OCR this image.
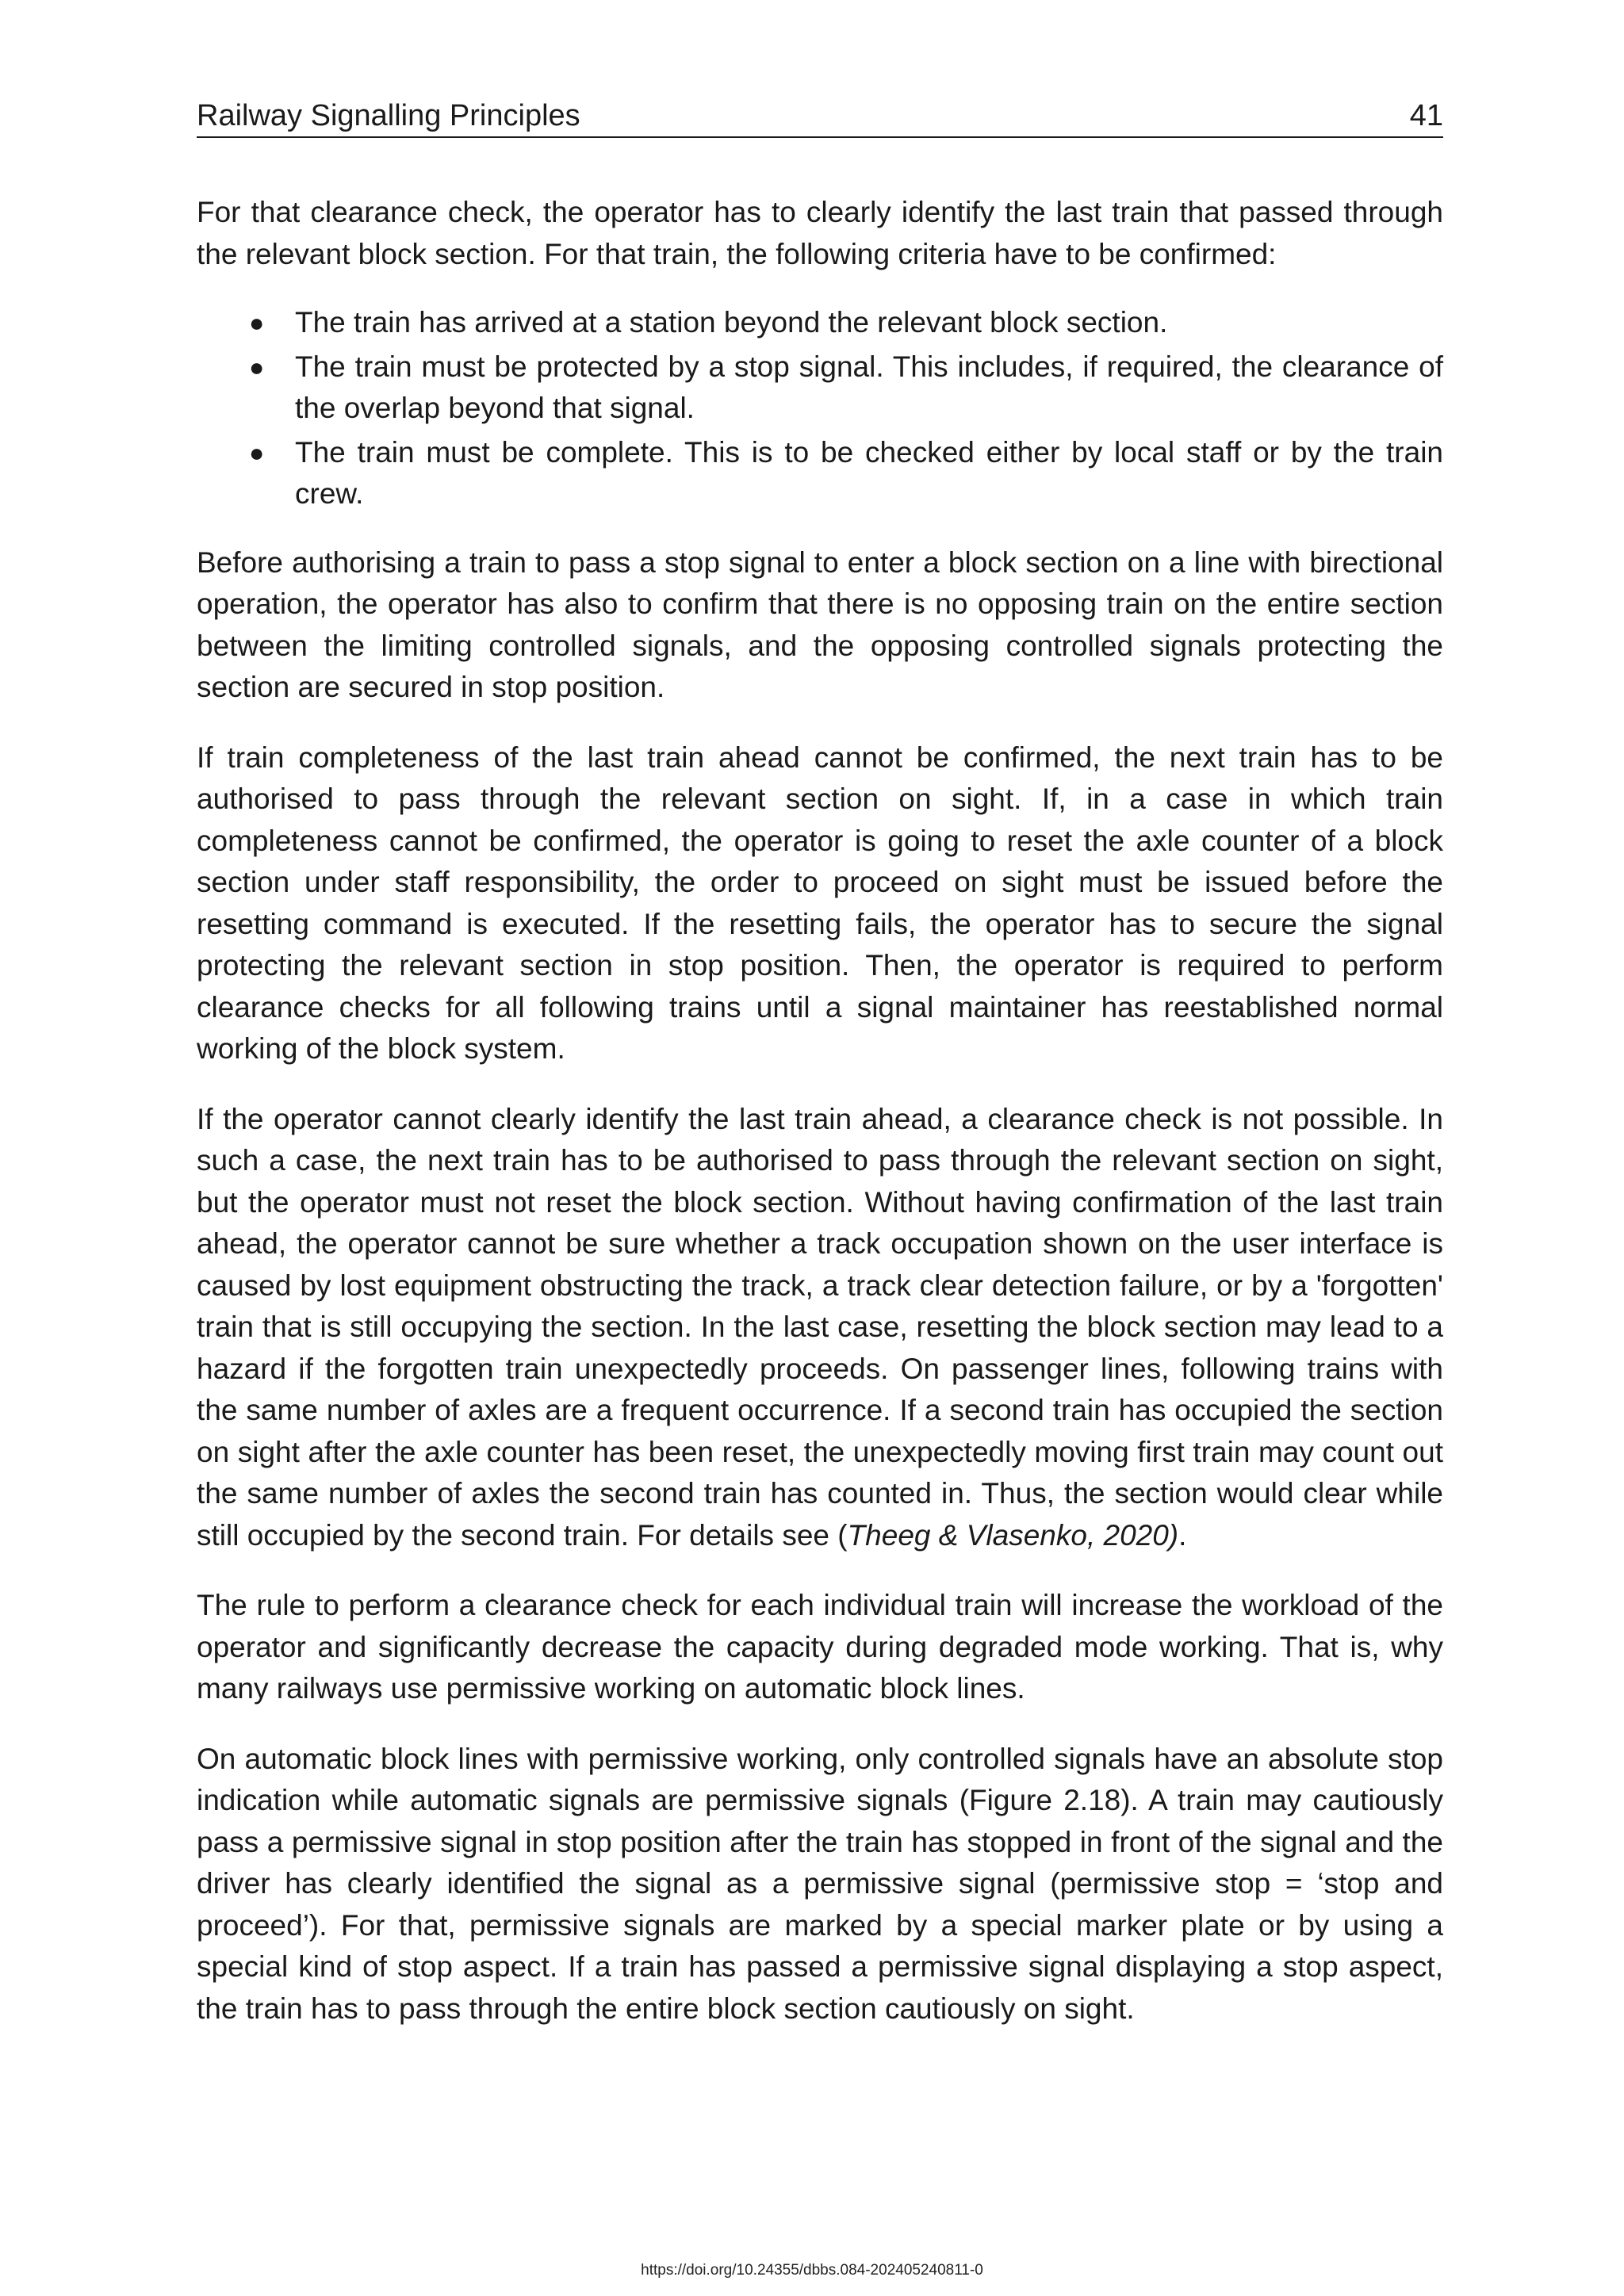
Railway Signalling Principles	41

For that clearance check, the operator has to clearly identify the last train that passed through the relevant block section. For that train, the following criteria have to be confirmed:

● The train has arrived at a station beyond the relevant block section.
● The train must be protected by a stop signal. This includes, if required, the clearance of the overlap beyond that signal.
● The train must be complete. This is to be checked either by local staff or by the train crew.

Before authorising a train to pass a stop signal to enter a block section on a line with birectional operation, the operator has also to confirm that there is no opposing train on the entire section between the limiting controlled signals, and the opposing controlled signals protecting the section are secured in stop position.

If train completeness of the last train ahead cannot be confirmed, the next train has to be authorised to pass through the relevant section on sight. If, in a case in which train completeness cannot be confirmed, the operator is going to reset the axle counter of a block section under staff responsibility, the order to proceed on sight must be issued before the resetting command is executed. If the resetting fails, the operator has to secure the signal protecting the relevant section in stop position. Then, the operator is required to perform clearance checks for all following trains until a signal maintainer has reestablished normal working of the block system.

If the operator cannot clearly identify the last train ahead, a clearance check is not possible. In such a case, the next train has to be authorised to pass through the relevant section on sight, but the operator must not reset the block section. Without having confirmation of the last train ahead, the operator cannot be sure whether a track occupation shown on the user interface is caused by lost equipment obstructing the track, a track clear detection failure, or by a 'forgotten' train that is still occupying the section. In the last case, resetting the block section may lead to a hazard if the forgotten train unexpectedly proceeds. On passenger lines, following trains with the same number of axles are a frequent occurrence. If a second train has occupied the section on sight after the axle counter has been reset, the unexpectedly moving first train may count out the same number of axles the second train has counted in. Thus, the section would clear while still occupied by the second train. For details see (Theeg & Vlasenko, 2020).

The rule to perform a clearance check for each individual train will increase the workload of the operator and significantly decrease the capacity during degraded mode working. That is, why many railways use permissive working on automatic block lines.

On automatic block lines with permissive working, only controlled signals have an absolute stop indication while automatic signals are permissive signals (Figure 2.18). A train may cautiously pass a permissive signal in stop position after the train has stopped in front of the signal and the driver has clearly identified the signal as a permissive signal (permissive stop = ‘stop and proceed’). For that, permissive signals are marked by a special marker plate or by using a special kind of stop aspect. If a train has passed a permissive signal displaying a stop aspect, the train has to pass through the entire block section cautiously on sight.

https://doi.org/10.24355/dbbs.084-202405240811-0
